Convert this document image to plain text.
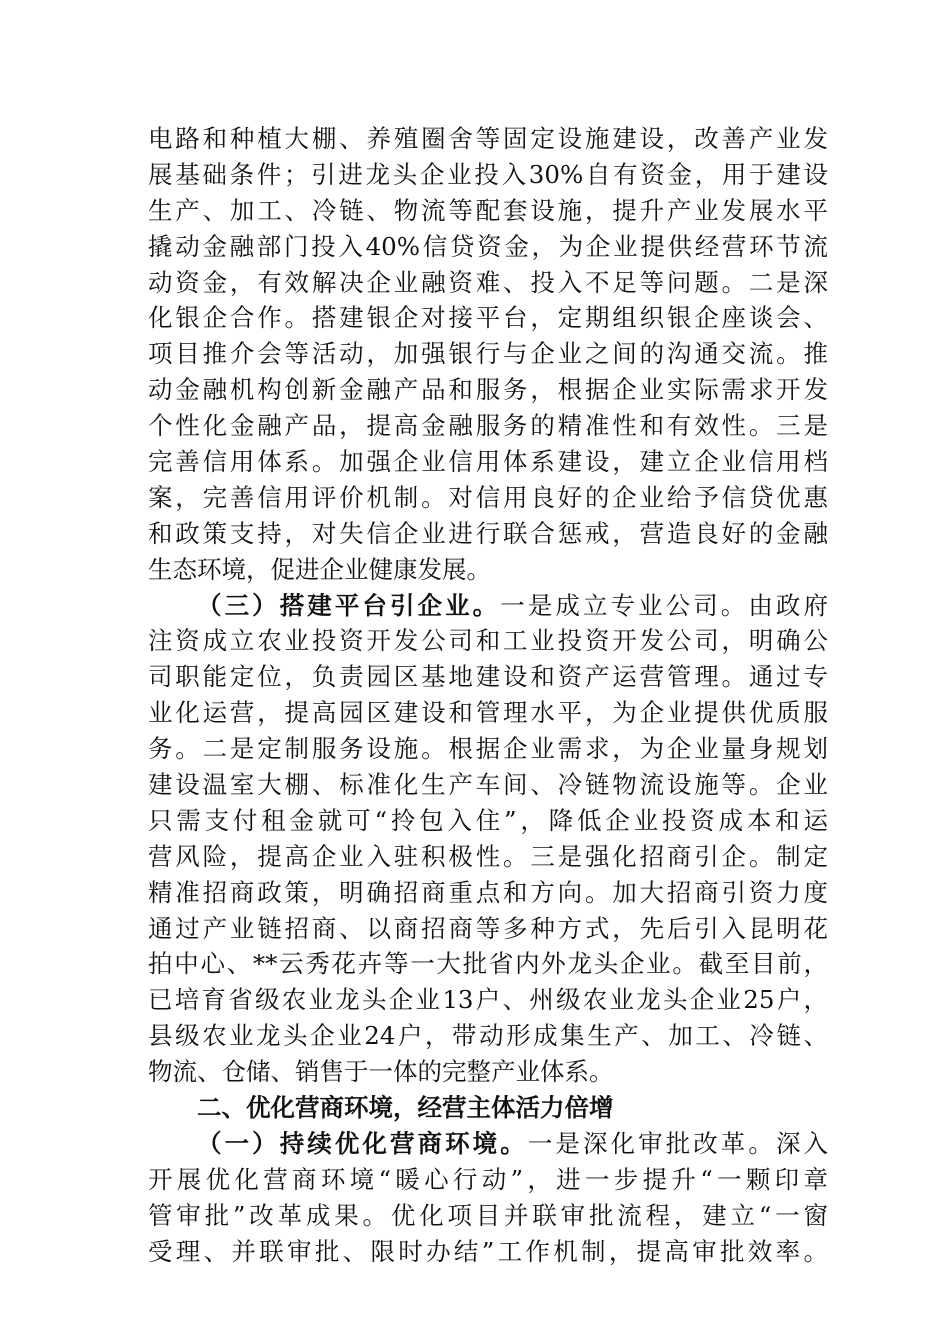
电路和种植大棚、养殖圈舍等固定设施建设，改善产业发
展基础条件；引进龙头企业投入30%自有资金，用于建设
生产、加工、冷链、物流等配套设施，提升产业发展水平
撬动金融部门投入40%信贷资金，为企业提供经营环节流
动资金，有效解决企业融资难、投入不足等问题。二是深
化银企合作。搭建银企对接平台，定期组织银企座谈会、
项目推介会等活动，加强银行与企业之间的沟通交流。推
动金融机构创新金融产品和服务，根据企业实际需求开发
个性化金融产品，提高金融服务的精准性和有效性。三是
完善信用体系。加强企业信用体系建设，建立企业信用档
案，完善信用评价机制。对信用良好的企业给予信贷优惠
和政策支持，对失信企业进行联合惩戒，营造良好的金融
生态环境，促进企业健康发展。
（三）搭建平台引企业。一是成立专业公司。由政府
注资成立农业投资开发公司和工业投资开发公司，明确公
司职能定位，负责园区基地建设和资产运营管理。通过专
业化运营，提高园区建设和管理水平，为企业提供优质服
务。二是定制服务设施。根据企业需求，为企业量身规划
建设温室大棚、标准化生产车间、冷链物流设施等。企业
只需支付租金就可“拎包入住”，降低企业投资成本和运
营风险，提高企业入驻积极性。三是强化招商引企。制定
精准招商政策，明确招商重点和方向。加大招商引资力度
通过产业链招商、以商招商等多种方式，先后引入昆明花
拍中心、**云秀花卉等一大批省内外龙头企业。截至目前，
已培育省级农业龙头企业13户、州级农业龙头企业25户，
县级农业龙头企业24户，带动形成集生产、加工、冷链、
物流、仓储、销售于一体的完整产业体系。
二、优化营商环境，经营主体活力倍增
（一）持续优化营商环境。一是深化审批改革。深入
开展优化营商环境“暖心行动”，进一步提升“一颗印章
管审批”改革成果。优化项目并联审批流程，建立“一窗
受理、并联审批、限时办结”工作机制，提高审批效率。
